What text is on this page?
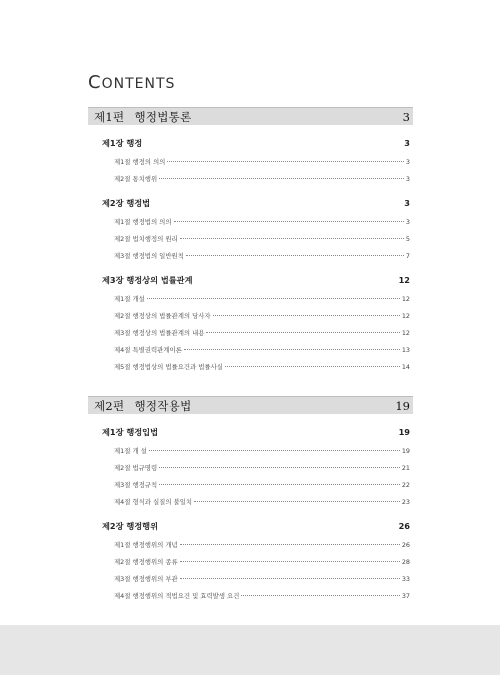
CONTENTS
제1편 행정법통론	3
제1장 행정	3
제1절 행정의 의의	3
제2절 통치행위	3
제2장 행정법	3
제1절 행정법의 의의	3
제2절 법치행정의 원리	5
제3절 행정법의 일반원칙	7
제3장 행정상의 법률관계	12
제1절 개설	12
제2절 행정상의 법률관계의 당사자	12
제3절 행정상의 법률관계의 내용	12
제4절 특별권력관계이론	13
제5절 행정법상의 법률요건과 법률사실	14
제2편 행정작용법	19
제1장 행정입법	19
제1절 개 설	19
제2절 법규명령	21
제3절 행정규칙	22
제4절 형식과 실질의 불일치	23
제2장 행정행위	26
제1절 행정행위의 개념	26
제2절 행정행위의 종류	28
제3절 행정행위의 부관	33
제4절 행정행위의 적법요건 및 효력발생 요건	37
